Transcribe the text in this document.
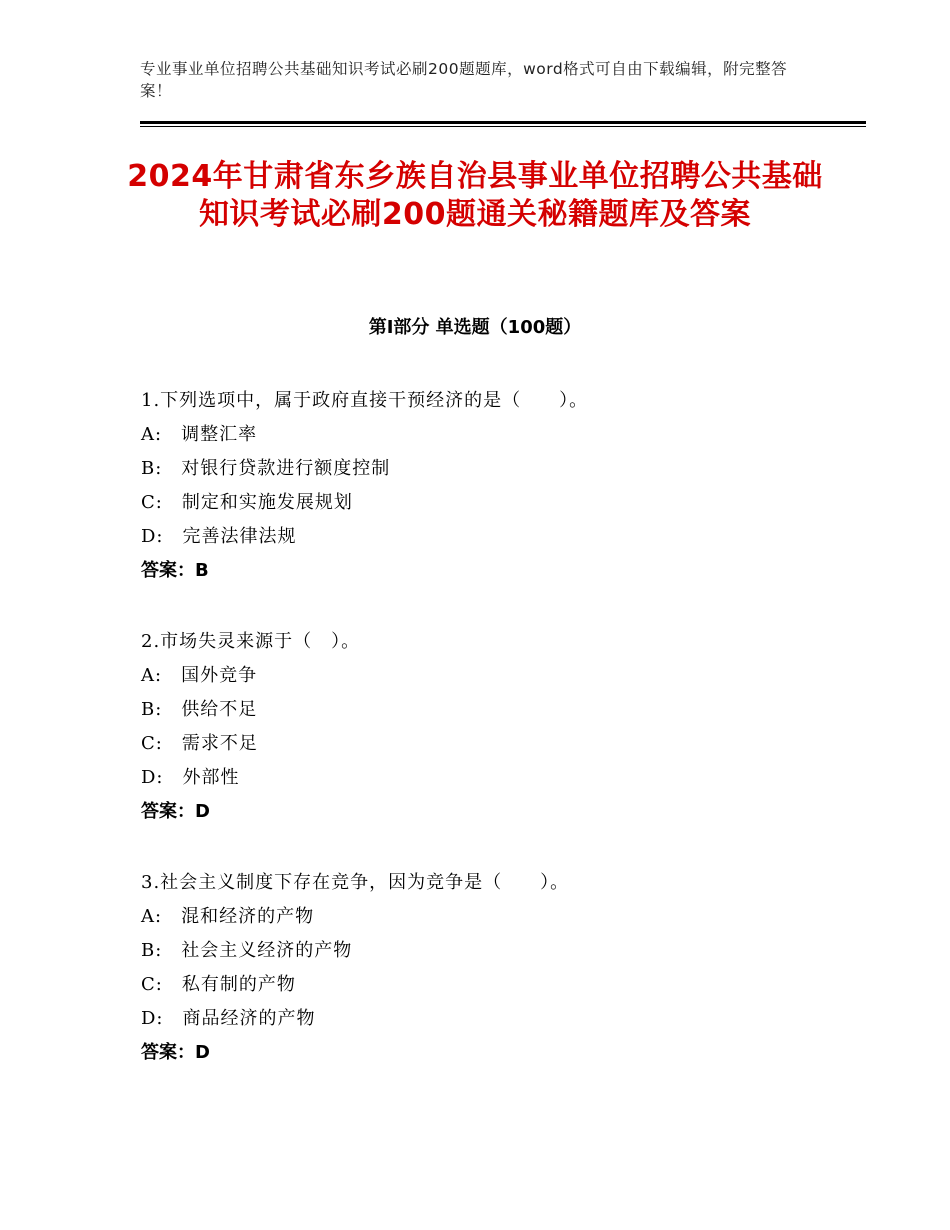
专业事业单位招聘公共基础知识考试必刷200题题库，word格式可自由下载编辑，附完整答案！
2024年甘肃省东乡族自治县事业单位招聘公共基础知识考试必刷200题通关秘籍题库及答案
第Ⅰ部分 单选题（100题）
1.下列选项中，属于政府直接干预经济的是（　　）。
A:　调整汇率
B:　对银行贷款进行额度控制
C:　制定和实施发展规划
D:　完善法律法规
答案：B
2.市场失灵来源于（　）。
A:　国外竞争
B:　供给不足
C:　需求不足
D:　外部性
答案：D
3.社会主义制度下存在竞争，因为竞争是（　　）。
A:　混和经济的产物
B:　社会主义经济的产物
C:　私有制的产物
D:　商品经济的产物
答案：D
